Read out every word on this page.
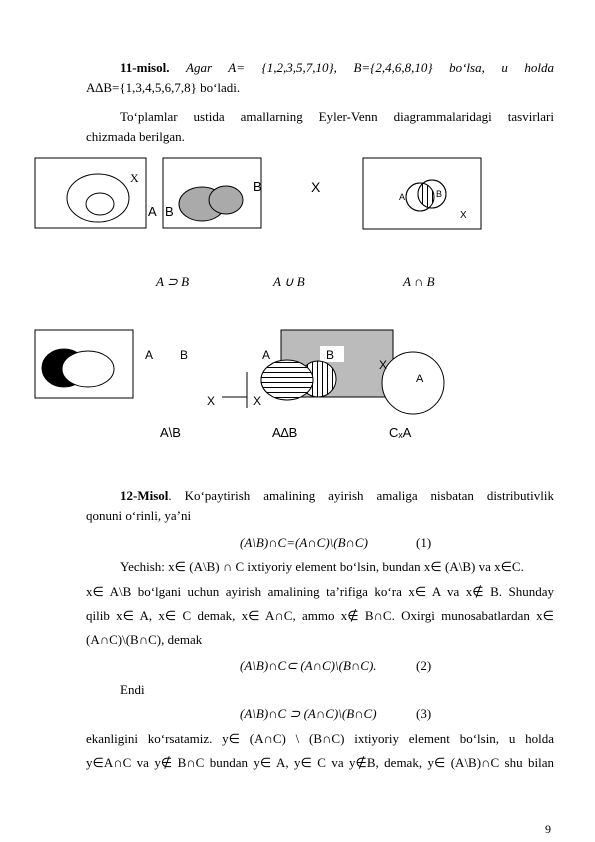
11-misol. Agar A= {1,2,3,5,7,10}, B={2,4,6,8,10} bo‘lsa, u holda
A∆B={1,3,4,5,6,7,8} bo‘ladi.
To‘plamlar ustida amallarning Eyler-Venn diagrammalaridagi tasvirlari
chizmada berilgan.
X
A B
B	X
A	B
X
A B	A	B
X
A
X	X
A ⊃ B	A ∪ B	A ∩ B
A\B	A∆B	CₓA
12-Misol. Ko‘paytirish amalining ayirish amaliga nisbatan distributivlik
qonuni o‘rinli, ya’ni
(A\B)∩C=(A∩C)\(B∩C)	(1)
Yechish: x∈ (A\B) ∩ C ixtiyoriy element bo‘lsin, bundan x∈ (A\B) va x∈C.
x∈ A\B bo‘lgani uchun ayirish amalining ta’rifiga ko‘ra x∈ A va x∉ B. Shunday
qilib x∈ A, x∈ C demak, x∈ A∩C, ammo x∉ B∩C. Oxirgi munosabatlardan x∈
(A∩C)\(B∩C), demak
(A\B)∩C⊂ (A∩C)\(B∩C).	(2)
Endi
(A\B)∩C ⊃ (A∩C)\(B∩C)	(3)
ekanligini ko‘rsatamiz. y∈ (A∩C) \ (B∩C) ixtiyoriy element bo‘lsin, u holda
y∈A∩C va y∉ B∩C bundan y∈ A, y∈ C va y∉B, demak, y∈ (A\B)∩C shu bilan
9
